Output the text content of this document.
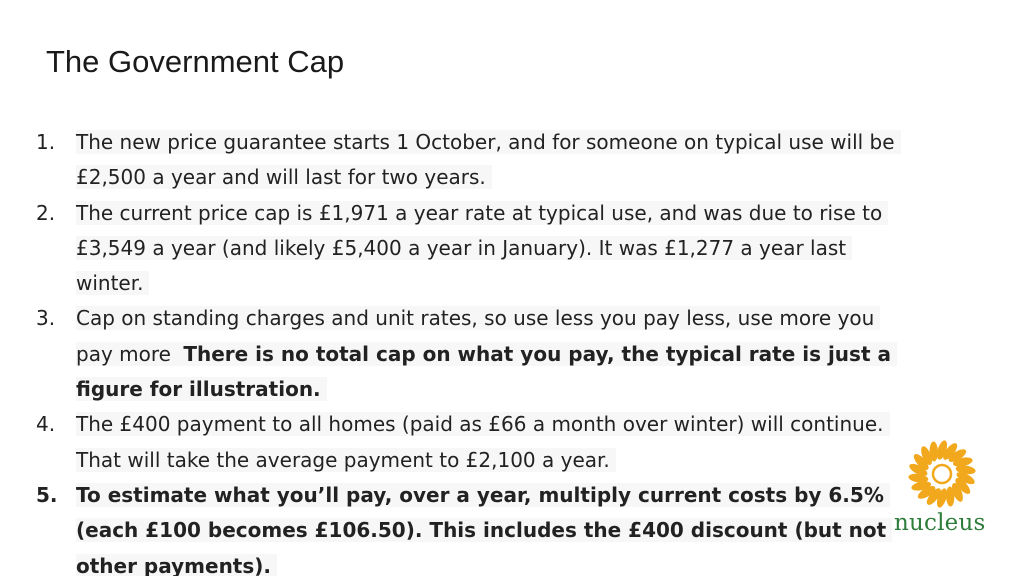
The Government Cap
1.	The new price guarantee starts 1 October, and for someone on typical use will be £2,500 a year and will last for two years.
2.	The current price cap is £1,971 a year rate at typical use, and was due to rise to £3,549 a year (and likely £5,400 a year in January). It was £1,277 a year last winter.
3.	Cap on standing charges and unit rates, so use less you pay less, use more you pay more There is no total cap on what you pay, the typical rate is just a figure for illustration.
4.	The £400 payment to all homes (paid as £66 a month over winter) will continue. That will take the average payment to £2,100 a year.
5. To estimate what you’ll pay, over a year, multiply current costs by 6.5% (each £100 becomes £106.50). This includes the £400 discount (but not other payments).
nucleus
